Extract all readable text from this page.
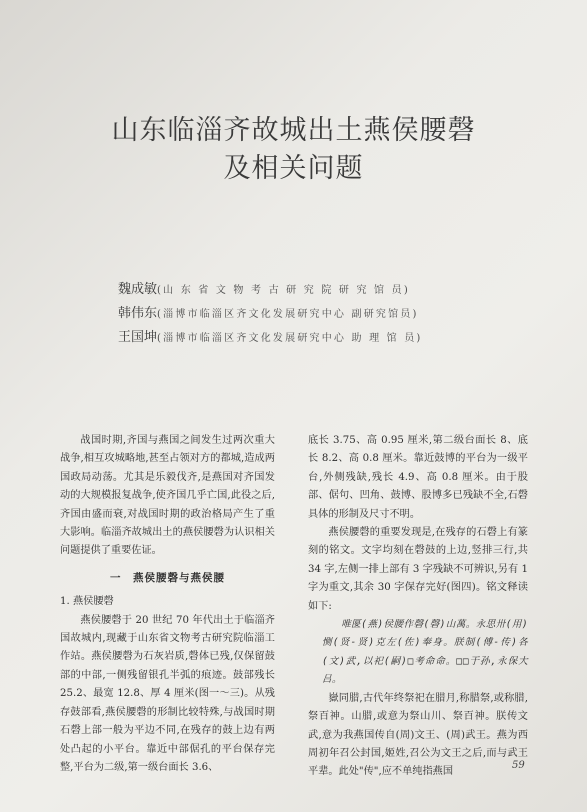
山东临淄齐故城出土燕侯腰磬
及相关问题
魏成敏(山 东 省 文 物 考 古 研 究 院 研 究 馆 员)
韩伟东(淄博市临淄区齐文化发展研究中心 副研究馆员)
王国坤(淄博市临淄区齐文化发展研究中心 助 理 馆 员)

战国时期,齐国与燕国之间发生过两次重大战争,相互攻城略地,甚至占领对方的都城,造成两国政局动荡。尤其是乐毅伐齐,是燕国对齐国发动的大规模报复战争,使齐国几乎亡国,此役之后,齐国由盛而衰,对战国时期的政治格局产生了重大影响。临淄齐故城出土的燕侯腰磬为认识相关问题提供了重要佐证。

一　燕侯腰磬与燕侯腰

1. 燕侯腰磬

燕侯腰磬于 20 世纪 70 年代出土于临淄齐国故城内,现藏于山东省文物考古研究院临淄工作站。燕侯腰磬为石灰岩质,磬体已残,仅保留鼓部的中部,一侧残留银孔半弧的痕迹。鼓部残长 25.2、最宽 12.8、厚 4 厘米(图一～三)。从残存鼓部看,燕侯腰磬的形制比较特殊,与战国时期石磬上部一般为平边不同,在残存的鼓上边有两处凸起的小平台。靠近中部倨孔的平台保存完整,平台为二级,第一级台面长 3.6、

底长 3.75、高 0.95 厘米,第二级台面长 8、底长 8.2、高 0.8 厘米。靠近鼓博的平台为一级平台,外侧残缺,残长 4.9、高 0.8 厘米。由于股部、倨句、凹角、鼓博、股博多已残缺不全,石磬具体的形制及尺寸不明。

燕侯腰磬的重要发现是,在残存的石磬上有篆刻的铭文。文字均刻在磬鼓的上边,竖排三行,共 34 字,左侧一排上部有 3 字残缺不可辨识,另有 1 字为重文,其余 30 字保存完好(图四)。铭文释读如下:

唯匽(燕)侯腰作磬(磬)山萬。永思卅(用)恻(贤-贤)克左(佐)奉身。朕制(傅-传)各(文)武,以祀(嗣)□考命命。□□于孙,永保大吕。

嶽同腊,古代年终祭祀在腊月,称腊祭,或称腊,祭百神。山腊,或意为祭山川、祭百神。朕传文武,意为我燕国传自(周)文王、(周)武王。燕为西周初年召公封国,姬姓,召公为文王之后,而与武王平辈。此处"传",应不单纯指燕国

59
